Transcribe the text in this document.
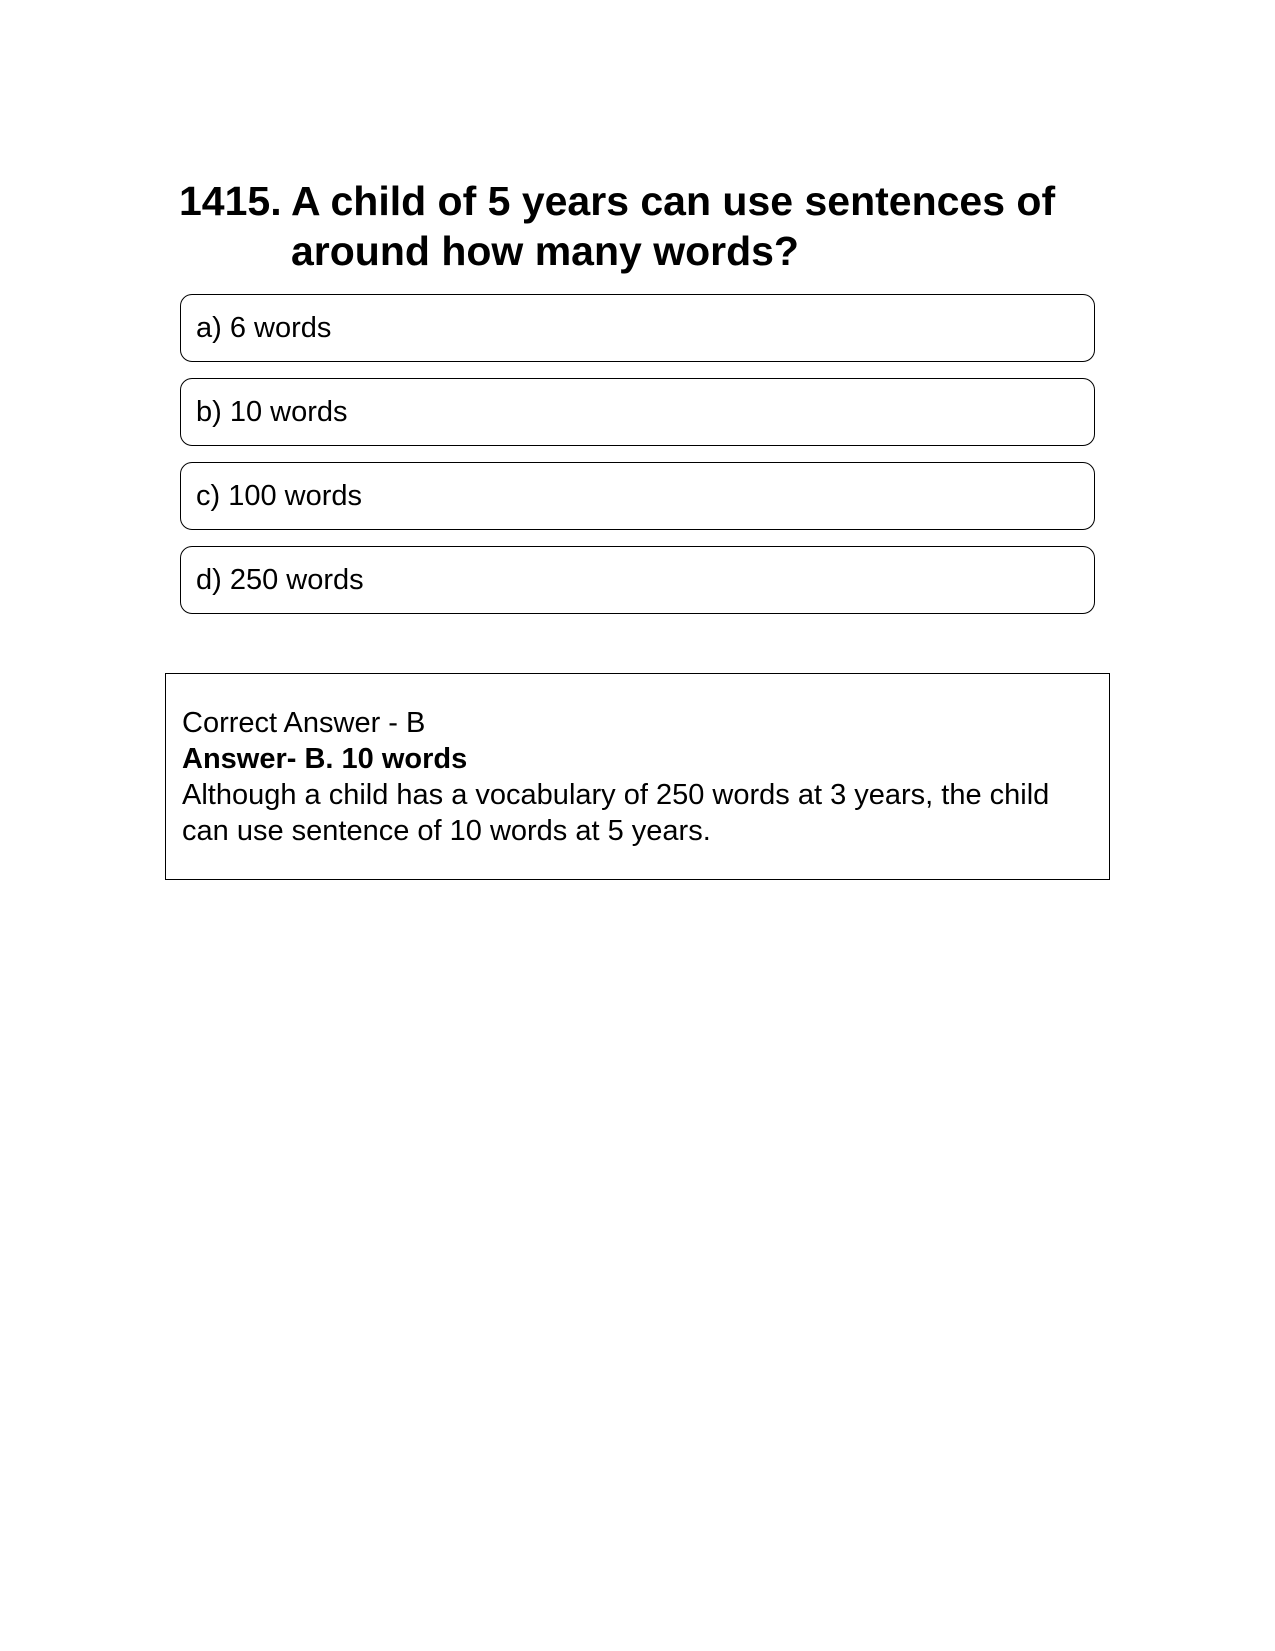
1415. A child of 5 years can use sentences of around how many words?
a) 6 words
b) 10 words
c) 100 words
d) 250 words
Correct Answer - B
Answer- B. 10 words
Although a child has a vocabulary of 250 words at 3 years, the child can use sentence of 10 words at 5 years.
